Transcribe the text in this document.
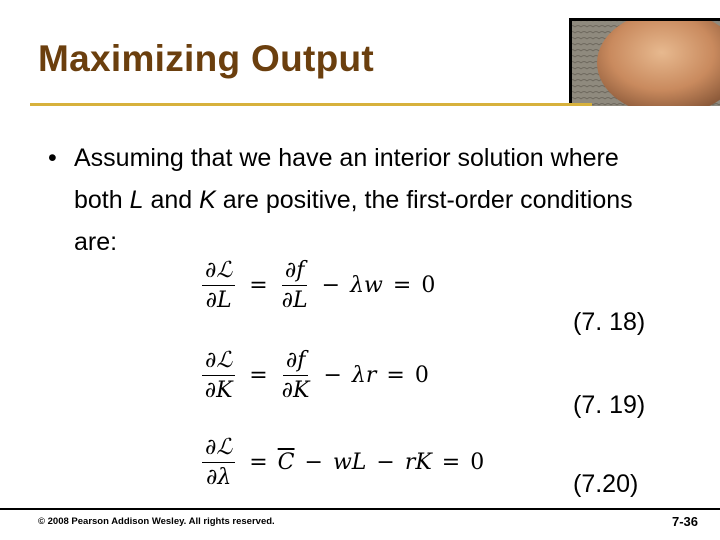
Maximizing Output
• Assuming that we have an interior solution where both L and K are positive, the first-order conditions are:
$\frac{\text{∂ℒ}}{\partial L} = \frac{\partial f}{\partial L} - \lambda w = 0$
(7. 18)
$\frac{\text{∂ℒ}}{\partial K} = \frac{\partial f}{\partial K} - \lambda r = 0$
(7. 19)
$\frac{\text{∂ℒ}}{\partial\lambda} = \overline{C}$ − wL − rK = 0
(7.20)
© 2008 Pearson Addison Wesley. All rights reserved.	7-36
